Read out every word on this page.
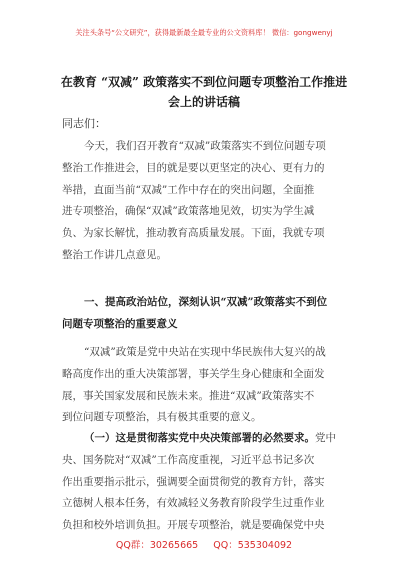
关注头条号“公文研究”，获得最新最全最专业的公文资料库！ 微信：gongwenyj
在教育 “双减” 政策落实不到位问题专项整治工作推进
会上的讲话稿
同志们：
今天，我们召开教育“双减”政策落实不到位问题专项
整治工作推进会，目的就是要以更坚定的决心、更有力的
举措，直面当前“双减”工作中存在的突出问题，全面推
进专项整治，确保“双减”政策落地见效，切实为学生减
负、为家长解忧，推动教育高质量发展。下面，我就专项
整治工作讲几点意见。
一、提高政治站位，深刻认识“双减”政策落实不到位
问题专项整治的重要意义
“双减”政策是党中央站在实现中华民族伟大复兴的战
略高度作出的重大决策部署，事关学生身心健康和全面发
展，事关国家发展和民族未来。推进“双减”政策落实不
到位问题专项整治，具有极其重要的意义。
（一）这是贯彻落实党中央决策部署的必然要求。党中
央、国务院对“双减”工作高度重视，习近平总书记多次
作出重要指示批示，强调要全面贯彻党的教育方针，落实
立德树人根本任务，有效减轻义务教育阶段学生过重作业
负担和校外培训负担。开展专项整治，就是要确保党中央
QQ群：30265665 QQ：535304092
